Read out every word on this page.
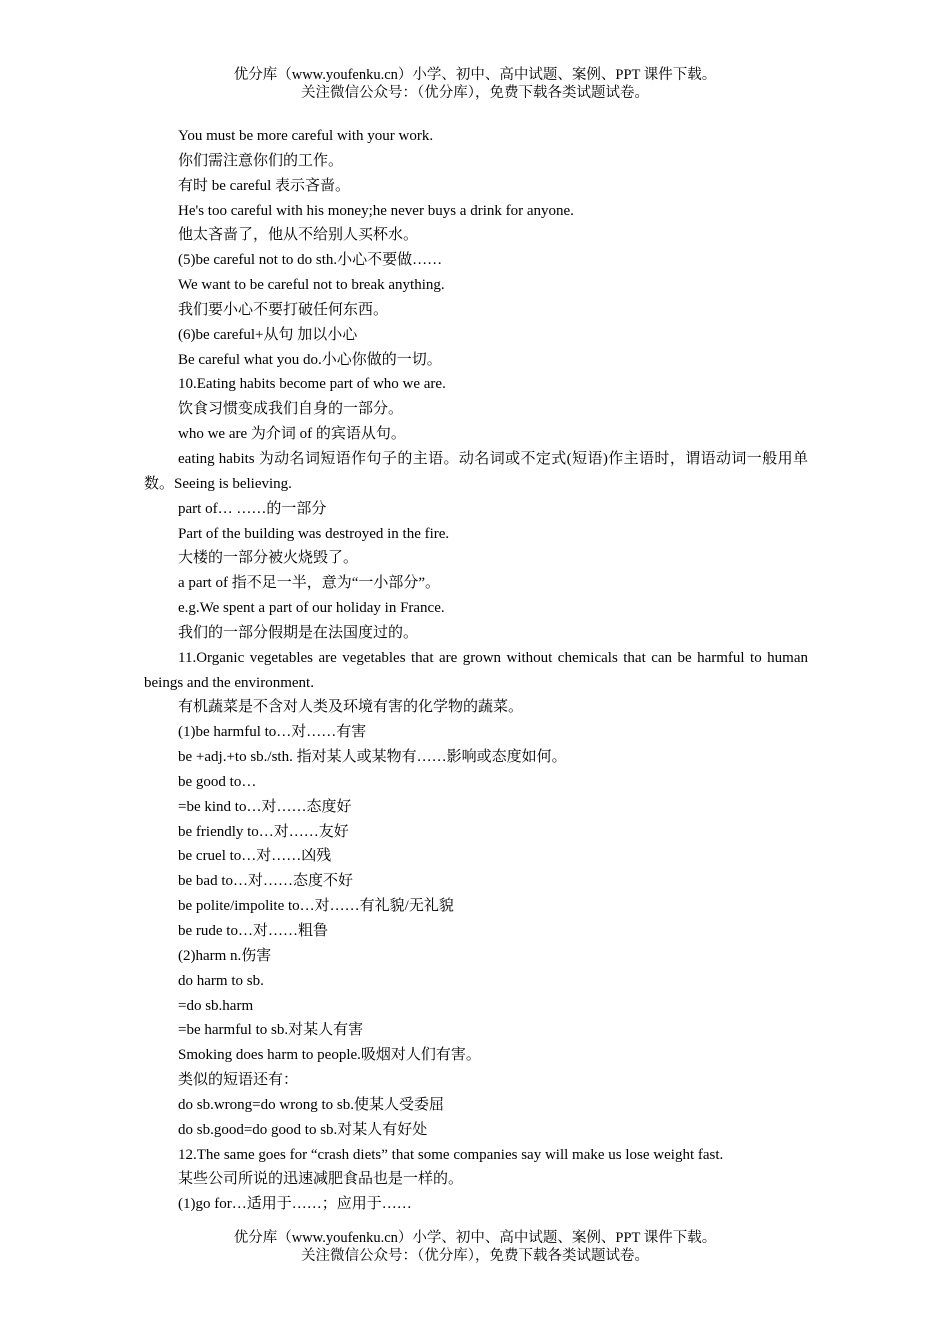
优分库（www.youfenku.cn）小学、初中、高中试题、案例、PPT 课件下载。
关注微信公众号：（优分库），免费下载各类试题试卷。

You must be more careful with your work.

你们需注意你们的工作。

有时 be careful 表示吝啬。

He's too careful with his money;he never buys a drink for anyone.

他太吝啬了，他从不给别人买杯水。

(5)be careful not to do sth.小心不要做……

We want to be careful not to break anything.

我们要小心不要打破任何东西。

(6)be careful+从句 加以小心

Be careful what you do.小心你做的一切。

10.Eating habits become part of who we are.

饮食习惯变成我们自身的一部分。

who we are 为介词 of 的宾语从句。

eating habits 为动名词短语作句子的主语。动名词或不定式(短语)作主语时，谓语动词一般用单数。Seeing is believing.

part of… ……的一部分

Part of the building was destroyed in the fire.

大楼的一部分被火烧毁了。

a part of 指不足一半，意为“一小部分”。

e.g.We spent a part of our holiday in France.

我们的一部分假期是在法国度过的。

11.Organic vegetables are vegetables that are grown without chemicals that can be harmful to human beings and the environment.

有机蔬菜是不含对人类及环境有害的化学物的蔬菜。

(1)be harmful to…对……有害

be +adj.+to sb./sth. 指对某人或某物有……影响或态度如何。

be good to…

=be kind to…对……态度好

be friendly to…对……友好

be cruel to…对……凶残

be bad to…对……态度不好

be polite/impolite to…对……有礼貌/无礼貌

be rude to…对……粗鲁

(2)harm n.伤害

do harm to sb.

=do sb.harm

=be harmful to sb.对某人有害

Smoking does harm to people.吸烟对人们有害。

类似的短语还有：

do sb.wrong=do wrong to sb.使某人受委屈

do sb.good=do good to sb.对某人有好处

12.The same goes for “crash diets” that some companies say will make us lose weight fast.

某些公司所说的迅速减肥食品也是一样的。

(1)go for…适用于……；应用于……

优分库（www.youfenku.cn）小学、初中、高中试题、案例、PPT 课件下载。
关注微信公众号：（优分库），免费下载各类试题试卷。
